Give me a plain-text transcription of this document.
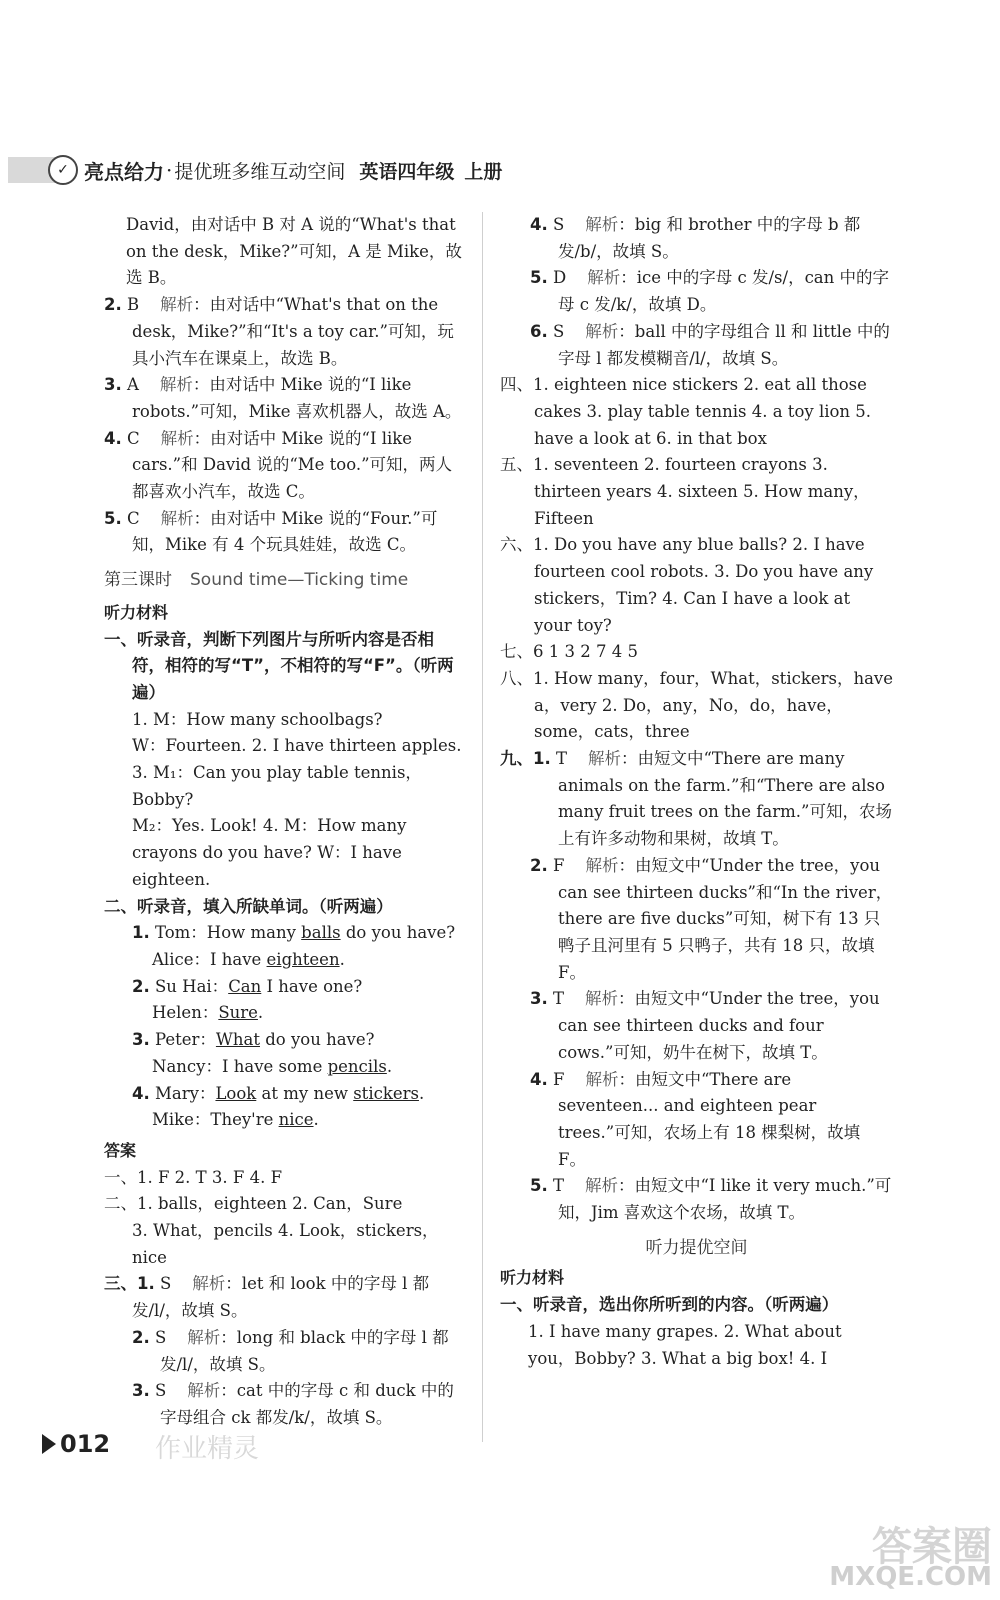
✓ 亮点给力 · 提优班多维互动空间 英语四年级 上册
David，由对话中 B 对 A 说的“What's that on the desk，Mike?”可知，A 是 Mike，故选 B。
2. B 解析：由对话中“What's that on the desk，Mike?”和“It's a toy car.”可知，玩具小汽车在课桌上，故选 B。
3. A 解析：由对话中 Mike 说的“I like robots.”可知，Mike 喜欢机器人，故选 A。
4. C 解析：由对话中 Mike 说的“I like cars.”和 David 说的“Me too.”可知，两人都喜欢小汽车，故选 C。
5. C 解析：由对话中 Mike 说的“Four.”可知，Mike 有 4 个玩具娃娃，故选 C。
第三课时 Sound time—Ticking time
听力材料
一、听录音，判断下列图片与所听内容是否相符，相符的写“T”，不相符的写“F”。（听两遍）
1. M：How many schoolbags?
W：Fourteen. 2. I have thirteen apples.
3. M₁：Can you play table tennis，Bobby?
M₂：Yes. Look! 4. M：How many crayons do you have? W：I have eighteen.
二、听录音，填入所缺单词。（听两遍）
1. Tom：How many balls do you have?
Alice：I have eighteen.
2. Su Hai：Can I have one?
Helen：Sure.
3. Peter：What do you have?
Nancy：I have some pencils.
4. Mary：Look at my new stickers.
Mike：They're nice.
答案
一、1. F 2. T 3. F 4. F
二、1. balls，eighteen 2. Can，Sure
3. What，pencils 4. Look，stickers，nice
三、1. S 解析：let 和 look 中的字母 l 都发/l/，故填 S。
2. S 解析：long 和 black 中的字母 l 都发/l/，故填 S。
3. S 解析：cat 中的字母 c 和 duck 中的字母组合 ck 都发/k/，故填 S。
4. S 解析：big 和 brother 中的字母 b 都发/b/，故填 S。
5. D 解析：ice 中的字母 c 发/s/，can 中的字母 c 发/k/，故填 D。
6. S 解析：ball 中的字母组合 ll 和 little 中的字母 l 都发模糊音/l/，故填 S。
四、1. eighteen nice stickers 2. eat all those cakes 3. play table tennis 4. a toy lion 5. have a look at 6. in that box
五、1. seventeen 2. fourteen crayons 3. thirteen years 4. sixteen 5. How many，Fifteen
六、1. Do you have any blue balls? 2. I have fourteen cool robots. 3. Do you have any stickers，Tim? 4. Can I have a look at your toy?
七、6 1 3 2 7 4 5
八、1. How many，four，What，stickers，have a，very 2. Do，any，No，do，have，some，cats，three
九、1. T 解析：由短文中“There are many animals on the farm.”和“There are also many fruit trees on the farm.”可知，农场上有许多动物和果树，故填 T。
2. F 解析：由短文中“Under the tree，you can see thirteen ducks”和“In the river，there are five ducks”可知，树下有 13 只鸭子且河里有 5 只鸭子，共有 18 只，故填 F。
3. T 解析：由短文中“Under the tree，you can see thirteen ducks and four cows.”可知，奶牛在树下，故填 T。
4. F 解析：由短文中“There are seventeen... and eighteen pear trees.”可知，农场上有 18 棵梨树，故填 F。
5. T 解析：由短文中“I like it very much.”可知，Jim 喜欢这个农场，故填 T。
听力提优空间
听力材料
一、听录音，选出你所听到的内容。（听两遍）
1. I have many grapes. 2. What about you，Bobby? 3. What a big box! 4. I
012 作业精灵
答案圈
MXQE.COM
